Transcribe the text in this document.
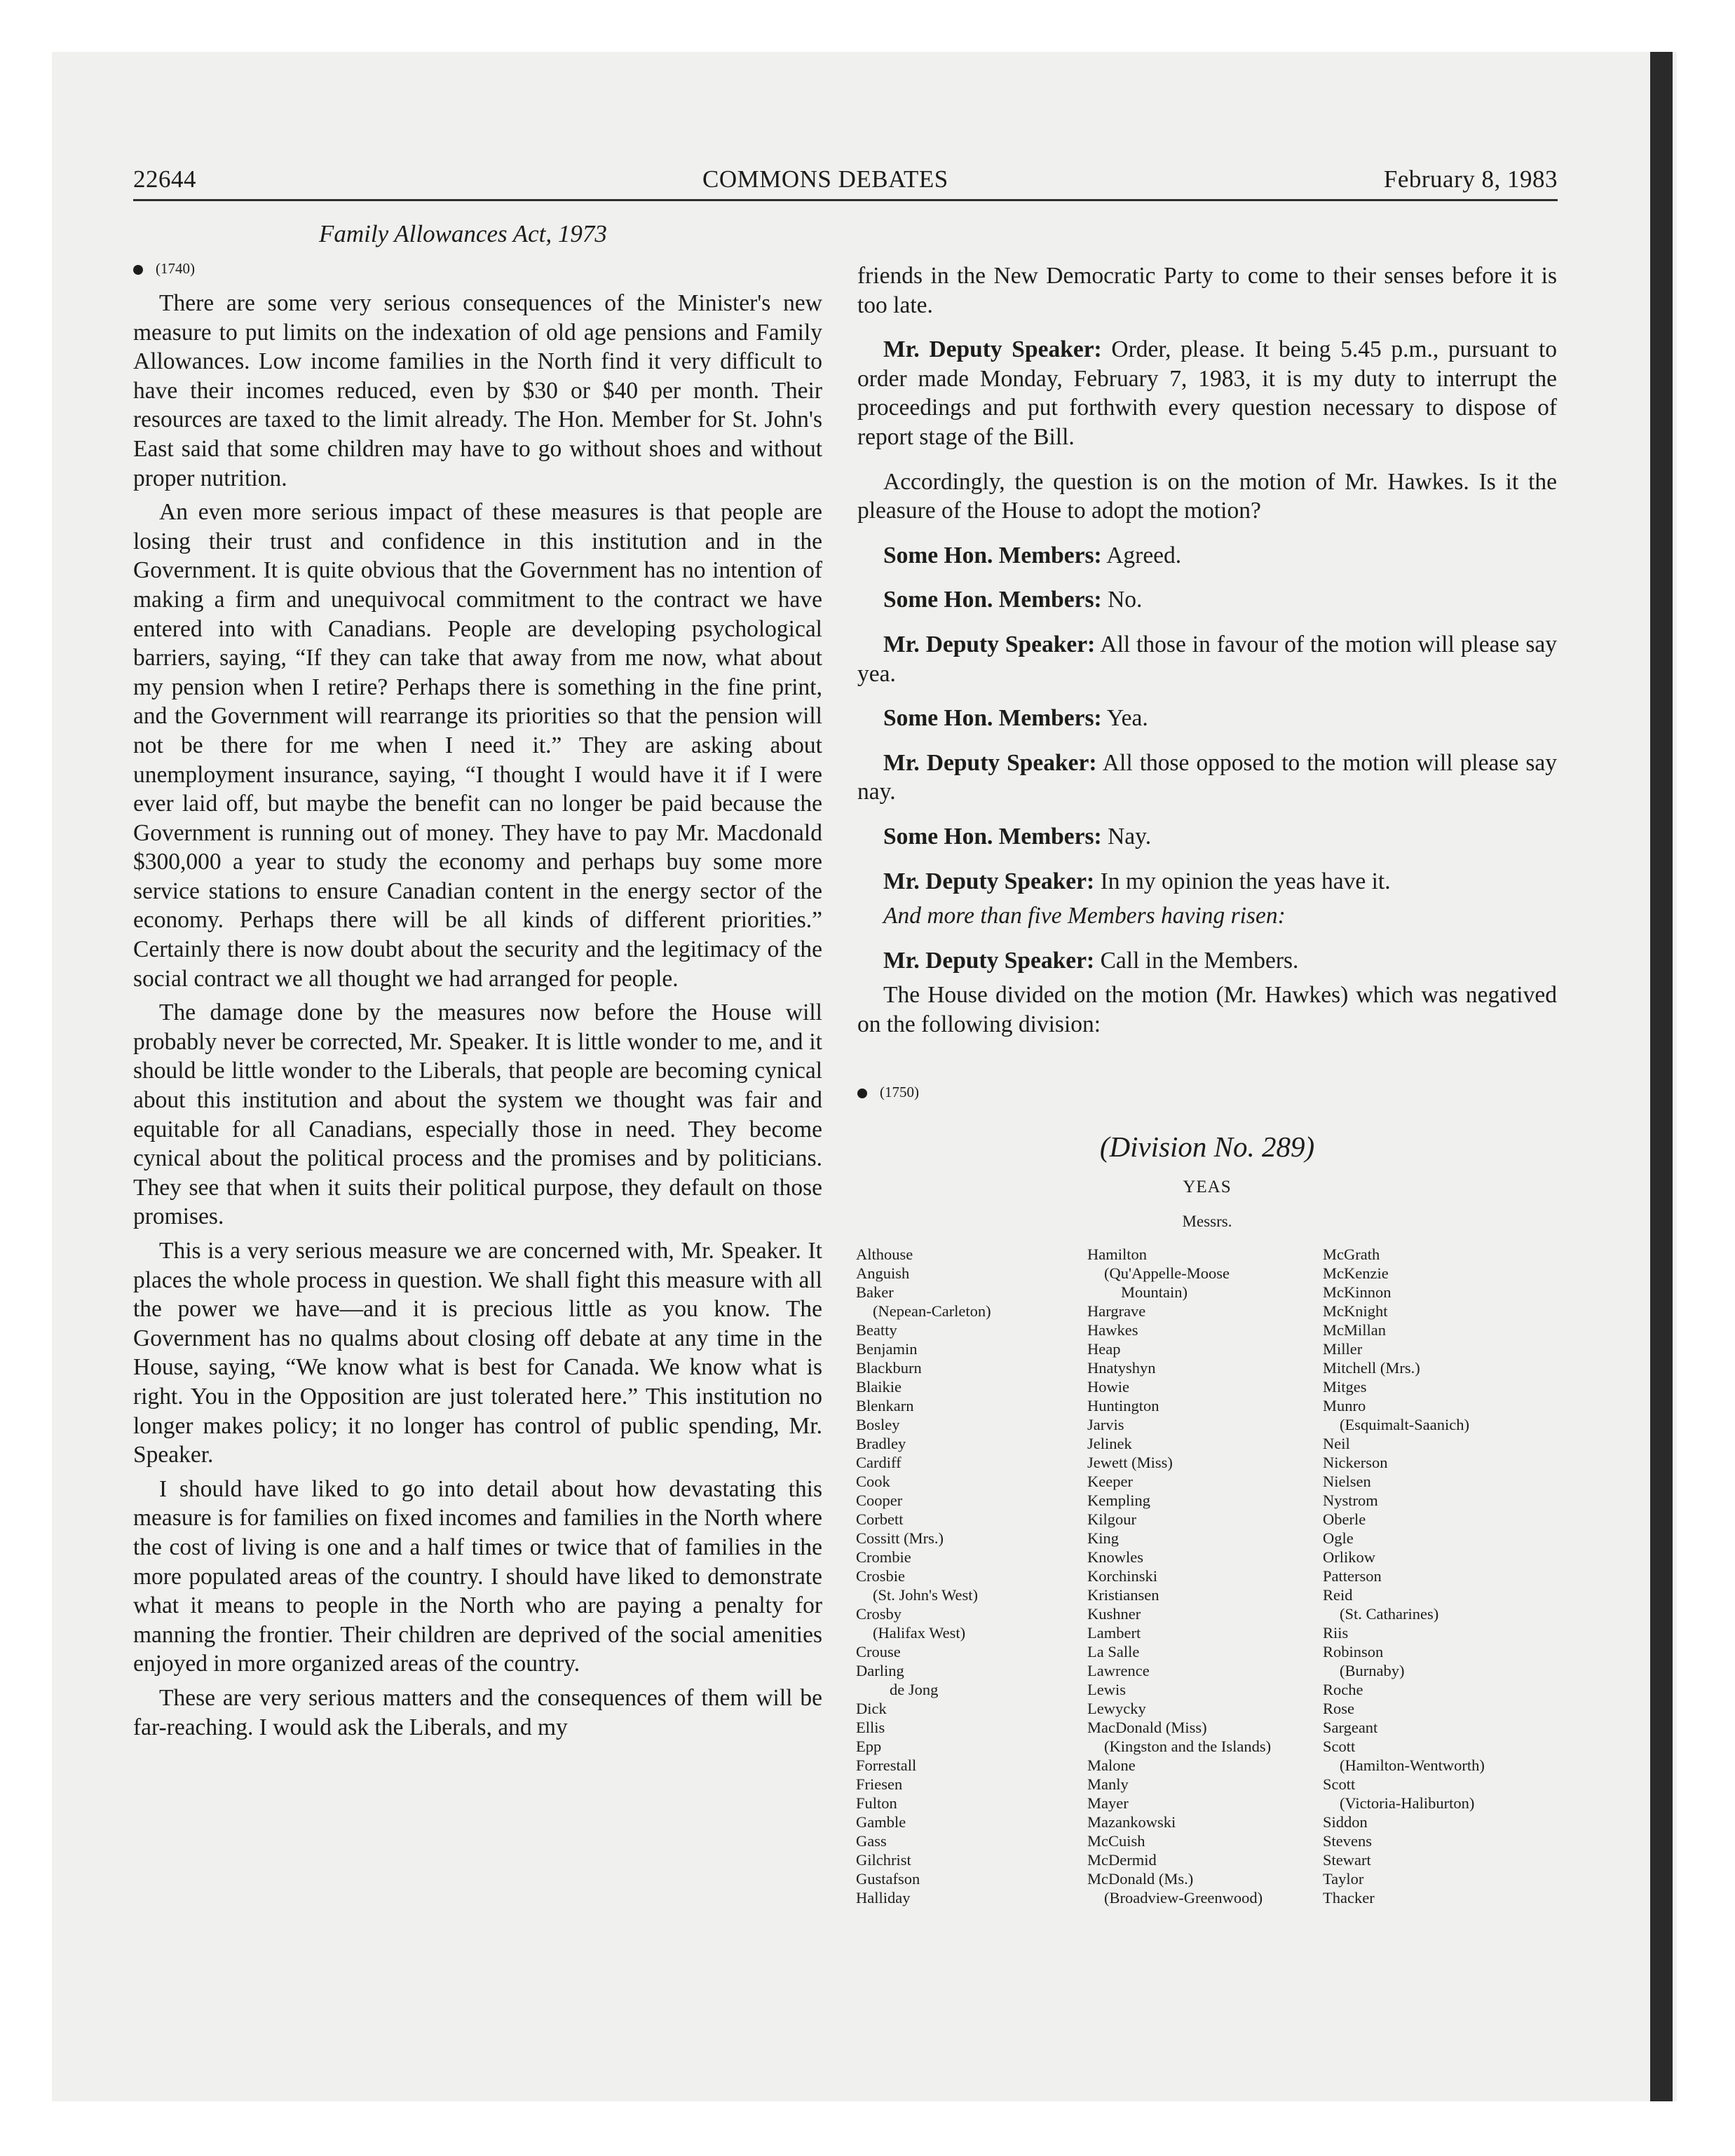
22644	COMMONS DEBATES	February 8, 1983
Family Allowances Act, 1973
(1740)

There are some very serious consequences of the Minister's new measure to put limits on the indexation of old age pensions and Family Allowances. Low income families in the North find it very difficult to have their incomes reduced, even by $30 or $40 per month. Their resources are taxed to the limit already. The Hon. Member for St. John's East said that some children may have to go without shoes and without proper nutrition.

An even more serious impact of these measures is that people are losing their trust and confidence in this institution and in the Government. It is quite obvious that the Government has no intention of making a firm and unequivocal commitment to the contract we have entered into with Canadians. People are developing psychological barriers, saying, “If they can take that away from me now, what about my pension when I retire? Perhaps there is something in the fine print, and the Government will rearrange its priorities so that the pension will not be there for me when I need it.” They are asking about unemployment insurance, saying, “I thought I would have it if I were ever laid off, but maybe the benefit can no longer be paid because the Government is running out of money. They have to pay Mr. Macdonald $300,000 a year to study the economy and perhaps buy some more service stations to ensure Canadian content in the energy sector of the economy. Perhaps there will be all kinds of different priorities.” Certainly there is now doubt about the security and the legitimacy of the social contract we all thought we had arranged for people.

The damage done by the measures now before the House will probably never be corrected, Mr. Speaker. It is little wonder to me, and it should be little wonder to the Liberals, that people are becoming cynical about this institution and about the system we thought was fair and equitable for all Canadians, especially those in need. They become cynical about the political process and the promises and by politicians. They see that when it suits their political purpose, they default on those promises.

This is a very serious measure we are concerned with, Mr. Speaker. It places the whole process in question. We shall fight this measure with all the power we have—and it is precious little as you know. The Government has no qualms about closing off debate at any time in the House, saying, “We know what is best for Canada. We know what is right. You in the Opposition are just tolerated here.” This institution no longer makes policy; it no longer has control of public spending, Mr. Speaker.

I should have liked to go into detail about how devastating this measure is for families on fixed incomes and families in the North where the cost of living is one and a half times or twice that of families in the more populated areas of the country. I should have liked to demonstrate what it means to people in the North who are paying a penalty for manning the frontier. Their children are deprived of the social amenities enjoyed in more organized areas of the country.

These are very serious matters and the consequences of them will be far-reaching. I would ask the Liberals, and my

friends in the New Democratic Party to come to their senses before it is too late.

Mr. Deputy Speaker: Order, please. It being 5.45 p.m., pursuant to order made Monday, February 7, 1983, it is my duty to interrupt the proceedings and put forthwith every question necessary to dispose of report stage of the Bill.

Accordingly, the question is on the motion of Mr. Hawkes. Is it the pleasure of the House to adopt the motion?

Some Hon. Members: Agreed.

Some Hon. Members: No.

Mr. Deputy Speaker: All those in favour of the motion will please say yea.

Some Hon. Members: Yea.

Mr. Deputy Speaker: All those opposed to the motion will please say nay.

Some Hon. Members: Nay.

Mr. Deputy Speaker: In my opinion the yeas have it.

And more than five Members having risen:

Mr. Deputy Speaker: Call in the Members.

The House divided on the motion (Mr. Hawkes) which was negatived on the following division:

(1750)
(Division No. 289)
YEAS
Messrs.
Althouse
Anguish
Baker
(Nepean-Carleton)
Beatty
Benjamin
Blackburn
Blaikie
Blenkarn
Bosley
Bradley
Cardiff
Cook
Cooper
Corbett
Cossitt (Mrs.)
Crombie
Crosbie
(St. John's West)
Crosby
(Halifax West)
Crouse
Darling
de Jong
Dick
Ellis
Epp
Forrestall
Friesen
Fulton
Gamble
Gass
Gilchrist
Gustafson
Halliday
Hamilton
(Qu'Appelle-Moose
Mountain)
Hargrave
Hawkes
Heap
Hnatyshyn
Howie
Huntington
Jarvis
Jelinek
Jewett (Miss)
Keeper
Kempling
Kilgour
King
Knowles
Korchinski
Kristiansen
Kushner
Lambert
La Salle
Lawrence
Lewis
Lewycky
MacDonald (Miss)
(Kingston and the Islands)
Malone
Manly
Mayer
Mazankowski
McCuish
McDermid
McDonald (Ms.)
(Broadview-Greenwood)
McGrath
McKenzie
McKinnon
McKnight
McMillan
Miller
Mitchell (Mrs.)
Mitges
Munro
(Esquimalt-Saanich)
Neil
Nickerson
Nielsen
Nystrom
Oberle
Ogle
Orlikow
Patterson
Reid
(St. Catharines)
Riis
Robinson
(Burnaby)
Roche
Rose
Sargeant
Scott
(Hamilton-Wentworth)
Scott
(Victoria-Haliburton)
Siddon
Stevens
Stewart
Taylor
Thacker
